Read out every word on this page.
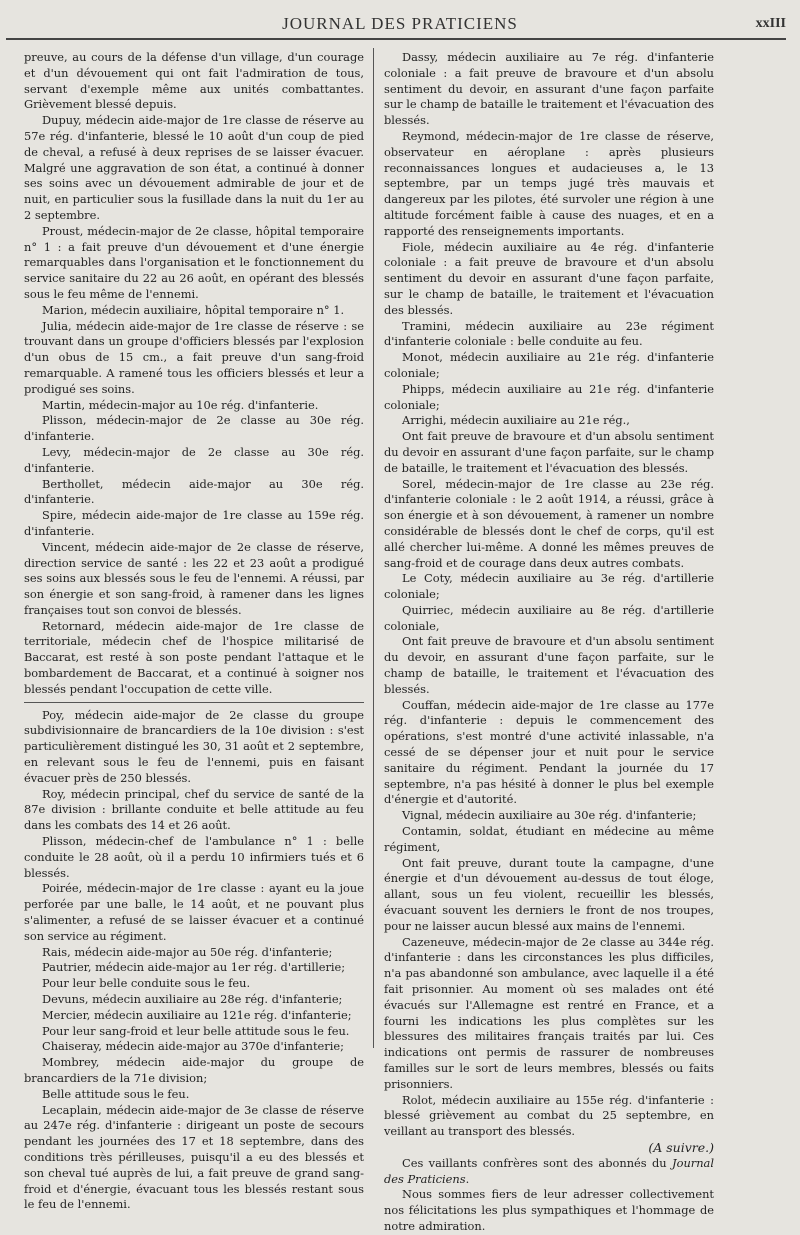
JOURNAL DES PRATICIENS	xxIII

preuve, au cours de la défense d'un village, d'un courage et d'un dévouement qui ont fait l'admiration de tous, servant d'exemple même aux unités combattantes. Grièvement blessé depuis.

Dupuy, médecin aide-major de 1re classe de réserve au 57e rég. d'infanterie, blessé le 10 août d'un coup de pied de cheval, a refusé à deux reprises de se laisser évacuer. Malgré une aggravation de son état, a continué à donner ses soins avec un dévouement admirable de jour et de nuit, en particulier sous la fusillade dans la nuit du 1er au 2 septembre.

Proust, médecin-major de 2e classe, hôpital temporaire n° 1 : a fait preuve d'un dévouement et d'une énergie remarquables dans l'organisation et le fonctionnement du service sanitaire du 22 au 26 août, en opérant des blessés sous le feu même de l'ennemi.

Marion, médecin auxiliaire, hôpital temporaire n° 1.

Julia, médecin aide-major de 1re classe de réserve : se trouvant dans un groupe d'officiers blessés par l'explosion d'un obus de 15 cm., a fait preuve d'un sang-froid remarquable. A ramené tous les officiers blessés et leur a prodigué ses soins.

Martin, médecin-major au 10e rég. d'infanterie.

Plisson, médecin-major de 2e classe au 30e rég. d'infanterie.

Levy, médecin-major de 2e classe au 30e rég. d'infanterie.

Berthollet, médecin aide-major au 30e rég. d'infanterie.

Spire, médecin aide-major de 1re classe au 159e rég. d'infanterie.

Vincent, médecin aide-major de 2e classe de réserve, direction service de santé : les 22 et 23 août a prodigué ses soins aux blessés sous le feu de l'ennemi. A réussi, par son énergie et son sang-froid, à ramener dans les lignes françaises tout son convoi de blessés.

Retornard, médecin aide-major de 1re classe de territoriale, médecin chef de l'hospice militarisé de Baccarat, est resté à son poste pendant l'attaque et le bombardement de Baccarat, et a continué à soigner nos blessés pendant l'occupation de cette ville.

Poy, médecin aide-major de 2e classe du groupe subdivisionnaire de brancardiers de la 10e division : s'est particulièrement distingué les 30, 31 août et 2 septembre, en relevant sous le feu de l'ennemi, puis en faisant évacuer près de 250 blessés.

Roy, médecin principal, chef du service de santé de la 87e division : brillante conduite et belle attitude au feu dans les combats des 14 et 26 août.

Plisson, médecin-chef de l'ambulance n° 1 : belle conduite le 28 août, où il a perdu 10 infirmiers tués et 6 blessés.

Poirée, médecin-major de 1re classe : ayant eu la joue perforée par une balle, le 14 août, et ne pouvant plus s'alimenter, a refusé de se laisser évacuer et a continué son service au régiment.

Rais, médecin aide-major au 50e rég. d'infanterie;

Pautrier, médecin aide-major au 1er rég. d'artillerie;

Pour leur belle conduite sous le feu.

Devuns, médecin auxiliaire au 28e rég. d'infanterie;

Mercier, médecin auxiliaire au 121e rég. d'infanterie;

Pour leur sang-froid et leur belle attitude sous le feu.

Chaiseray, médecin aide-major au 370e d'infanterie;

Mombrey, médecin aide-major du groupe de brancardiers de la 71e division;

Belle attitude sous le feu.

Lecaplain, médecin aide-major de 3e classe de réserve au 247e rég. d'infanterie : dirigeant un poste de secours pendant les journées des 17 et 18 septembre, dans des conditions très périlleuses, puisqu'il a eu des blessés et son cheval tué auprès de lui, a fait preuve de grand sang-froid et d'énergie, évacuant tous les blessés restant sous le feu de l'ennemi.

Dassy, médecin auxiliaire au 7e rég. d'infanterie coloniale : a fait preuve de bravoure et d'un absolu sentiment du devoir, en assurant d'une façon parfaite sur le champ de bataille le traitement et l'évacuation des blessés.

Reymond, médecin-major de 1re classe de réserve, observateur en aéroplane : après plusieurs reconnaissances longues et audacieuses a, le 13 septembre, par un temps jugé très mauvais et dangereux par les pilotes, été survoler une région à une altitude forcément faible à cause des nuages, et en a rapporté des renseignements importants.

Fiole, médecin auxiliaire au 4e rég. d'infanterie coloniale : a fait preuve de bravoure et d'un absolu sentiment du devoir en assurant d'une façon parfaite, sur le champ de bataille, le traitement et l'évacuation des blessés.

Tramini, médecin auxiliaire au 23e régiment d'infanterie coloniale : belle conduite au feu.

Monot, médecin auxiliaire au 21e rég. d'infanterie coloniale;

Phipps, médecin auxiliaire au 21e rég. d'infanterie coloniale;

Arrighi, médecin auxiliaire au 21e rég.,

Ont fait preuve de bravoure et d'un absolu sentiment du devoir en assurant d'une façon parfaite, sur le champ de bataille, le traitement et l'évacuation des blessés.

Sorel, médecin-major de 1re classe au 23e rég. d'infanterie coloniale : le 2 août 1914, a réussi, grâce à son énergie et à son dévouement, à ramener un nombre considérable de blessés dont le chef de corps, qu'il est allé chercher lui-même. A donné les mêmes preuves de sang-froid et de courage dans deux autres combats.

Le Coty, médecin auxiliaire au 3e rég. d'artillerie coloniale;

Quirriec, médecin auxiliaire au 8e rég. d'artillerie coloniale,

Ont fait preuve de bravoure et d'un absolu sentiment du devoir, en assurant d'une façon parfaite, sur le champ de bataille, le traitement et l'évacuation des blessés.

Couffan, médecin aide-major de 1re classe au 177e rég. d'infanterie : depuis le commencement des opérations, s'est montré d'une activité inlassable, n'a cessé de se dépenser jour et nuit pour le service sanitaire du régiment. Pendant la journée du 17 septembre, n'a pas hésité à donner le plus bel exemple d'énergie et d'autorité.

Vignal, médecin auxiliaire au 30e rég. d'infanterie;

Contamin, soldat, étudiant en médecine au même régiment,

Ont fait preuve, durant toute la campagne, d'une énergie et d'un dévouement au-dessus de tout éloge, allant, sous un feu violent, recueillir les blessés, évacuant souvent les derniers le front de nos troupes, pour ne laisser aucun blessé aux mains de l'ennemi.

Cazeneuve, médecin-major de 2e classe au 344e rég. d'infanterie : dans les circonstances les plus difficiles, n'a pas abandonné son ambulance, avec laquelle il a été fait prisonnier. Au moment où ses malades ont été évacués sur l'Allemagne est rentré en France, et a fourni les indications les plus complètes sur les blessures des militaires français traités par lui. Ces indications ont permis de rassurer de nombreuses familles sur le sort de leurs membres, blessés ou faits prisonniers.

Rolot, médecin auxiliaire au 155e rég. d'infanterie : blessé grièvement au combat du 25 septembre, en veillant au transport des blessés.

(A suivre.)

Ces vaillants confrères sont des abonnés du Journal des Praticiens.

Nous sommes fiers de leur adresser collectivement nos félicitations les plus sympathiques et l'hommage de notre admiration.
